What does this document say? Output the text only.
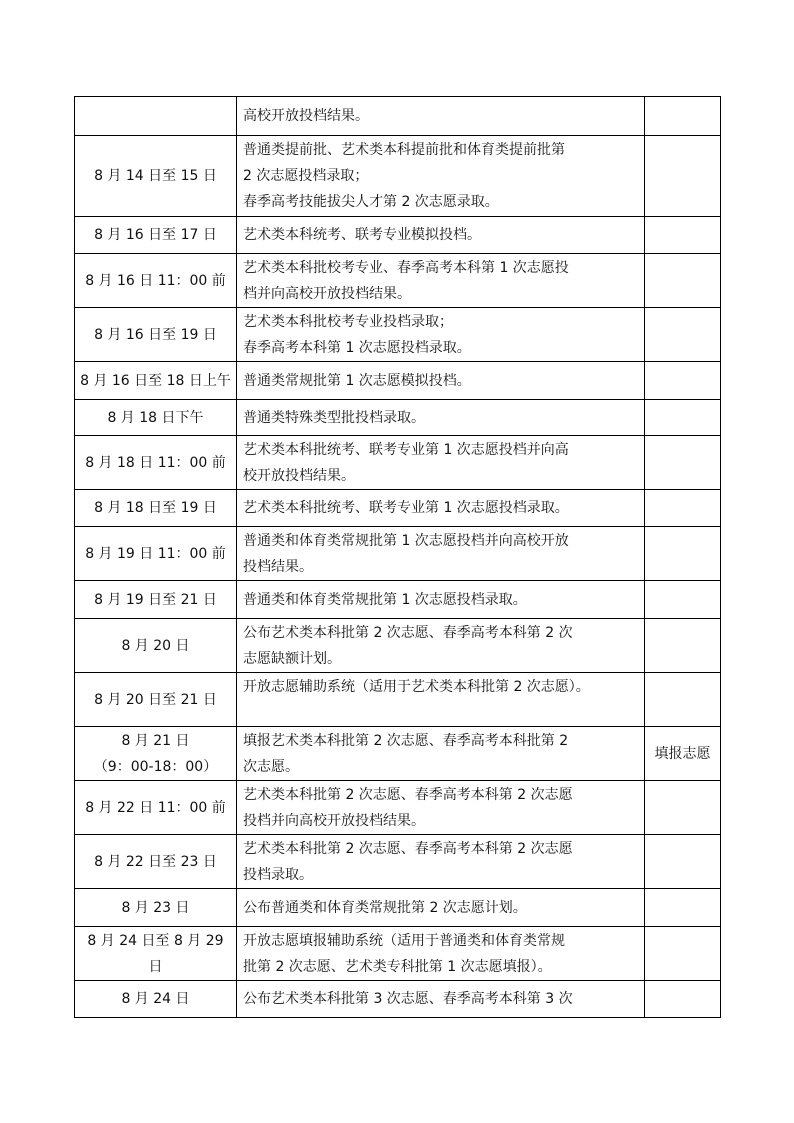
	高校开放投档结果。	

8 月 14 日至 15 日	普通类提前批、艺术类本科提前批和体育类提前批第
2 次志愿投档录取；
春季高考技能拔尖人才第 2 次志愿录取。	

8 月 16 日至 17 日	艺术类本科统考、联考专业模拟投档。	

8 月 16 日 11：00 前	艺术类本科批校考专业、春季高考本科第 1 次志愿投
档并向高校开放投档结果。	

8 月 16 日至 19 日	艺术类本科批校考专业投档录取；
春季高考本科第 1 次志愿投档录取。	

8 月 16 日至 18 日上午	普通类常规批第 1 次志愿模拟投档。	

8 月 18 日下午	普通类特殊类型批投档录取。	

8 月 18 日 11：00 前	艺术类本科批统考、联考专业第 1 次志愿投档并向高
校开放投档结果。	

8 月 18 日至 19 日	艺术类本科批统考、联考专业第 1 次志愿投档录取。	

8 月 19 日 11：00 前	普通类和体育类常规批第 1 次志愿投档并向高校开放
投档结果。	

8 月 19 日至 21 日	普通类和体育类常规批第 1 次志愿投档录取。	

8 月 20 日	公布艺术类本科批第 2 次志愿、春季高考本科第 2 次
志愿缺额计划。	

8 月 20 日至 21 日	开放志愿辅助系统（适用于艺术类本科批第 2 次志愿）。	

8 月 21 日
（9：00-18：00）	填报艺术类本科批第 2 次志愿、春季高考本科批第 2
次志愿。	填报志愿

8 月 22 日 11：00 前	艺术类本科批第 2 次志愿、春季高考本科第 2 次志愿
投档并向高校开放投档结果。	

8 月 22 日至 23 日	艺术类本科批第 2 次志愿、春季高考本科第 2 次志愿
投档录取。	

8 月 23 日	公布普通类和体育类常规批第 2 次志愿计划。	

8 月 24 日至 8 月 29
日	开放志愿填报辅助系统（适用于普通类和体育类常规
批第 2 次志愿、艺术类专科批第 1 次志愿填报）。	

8 月 24 日	公布艺术类本科批第 3 次志愿、春季高考本科第 3 次	
